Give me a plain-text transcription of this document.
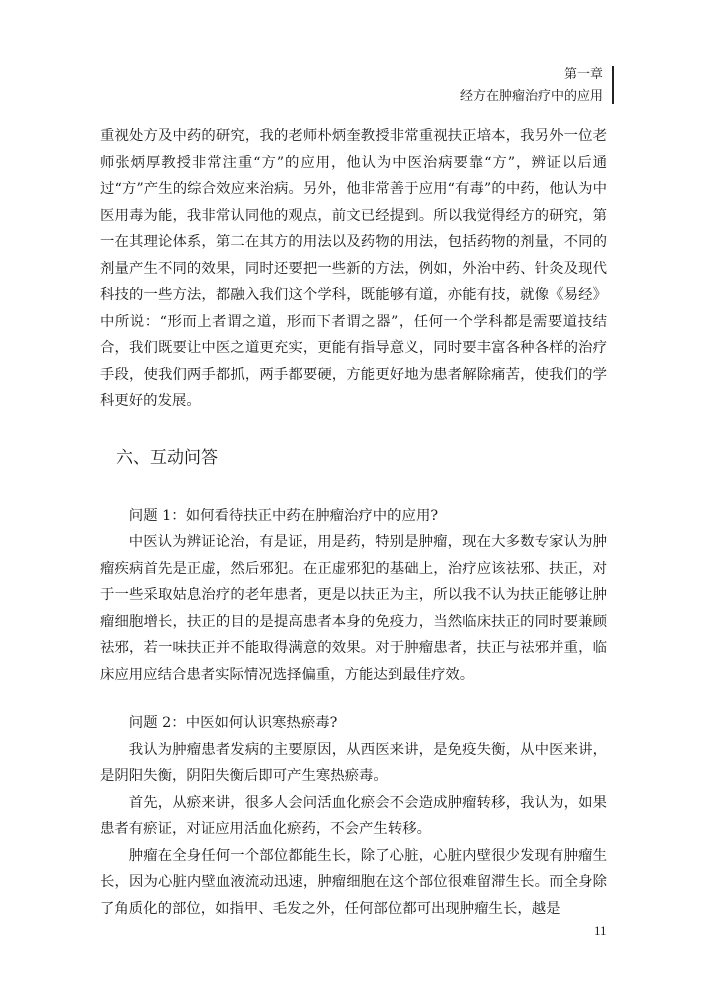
第一章
经方在肿瘤治疗中的应用

重视处方及中药的研究，我的老师朴炳奎教授非常重视扶正培本，我另外一位老师张炳厚教授非常注重“方”的应用，他认为中医治病要靠“方”，辨证以后通过“方”产生的综合效应来治病。另外，他非常善于应用“有毒”的中药，他认为中医用毒为能，我非常认同他的观点，前文已经提到。所以我觉得经方的研究，第一在其理论体系，第二在其方的用法以及药物的用法，包括药物的剂量，不同的剂量产生不同的效果，同时还要把一些新的方法，例如，外治中药、针灸及现代科技的一些方法，都融入我们这个学科，既能够有道，亦能有技，就像《易经》中所说：“形而上者谓之道，形而下者谓之器”，任何一个学科都是需要道技结合，我们既要让中医之道更充实，更能有指导意义，同时要丰富各种各样的治疗手段，使我们两手都抓，两手都要硬，方能更好地为患者解除痛苦，使我们的学科更好的发展。

六、互动问答

问题 1：如何看待扶正中药在肿瘤治疗中的应用?

中医认为辨证论治，有是证，用是药，特别是肿瘤，现在大多数专家认为肿瘤疾病首先是正虚，然后邪犯。在正虚邪犯的基础上，治疗应该祛邪、扶正，对于一些采取姑息治疗的老年患者，更是以扶正为主，所以我不认为扶正能够让肿瘤细胞增长，扶正的目的是提高患者本身的免疫力，当然临床扶正的同时要兼顾祛邪，若一味扶正并不能取得满意的效果。对于肿瘤患者，扶正与祛邪并重，临床应用应结合患者实际情况选择偏重，方能达到最佳疗效。

问题 2：中医如何认识寒热瘀毒?

我认为肿瘤患者发病的主要原因，从西医来讲，是免疫失衡，从中医来讲，是阴阳失衡，阴阳失衡后即可产生寒热瘀毒。

首先，从瘀来讲，很多人会问活血化瘀会不会造成肿瘤转移，我认为，如果患者有瘀证，对证应用活血化瘀药，不会产生转移。

肿瘤在全身任何一个部位都能生长，除了心脏，心脏内壁很少发现有肿瘤生长，因为心脏内壁血液流动迅速，肿瘤细胞在这个部位很难留滞生长。而全身除了角质化的部位，如指甲、毛发之外，任何部位都可出现肿瘤生长，越是

11
